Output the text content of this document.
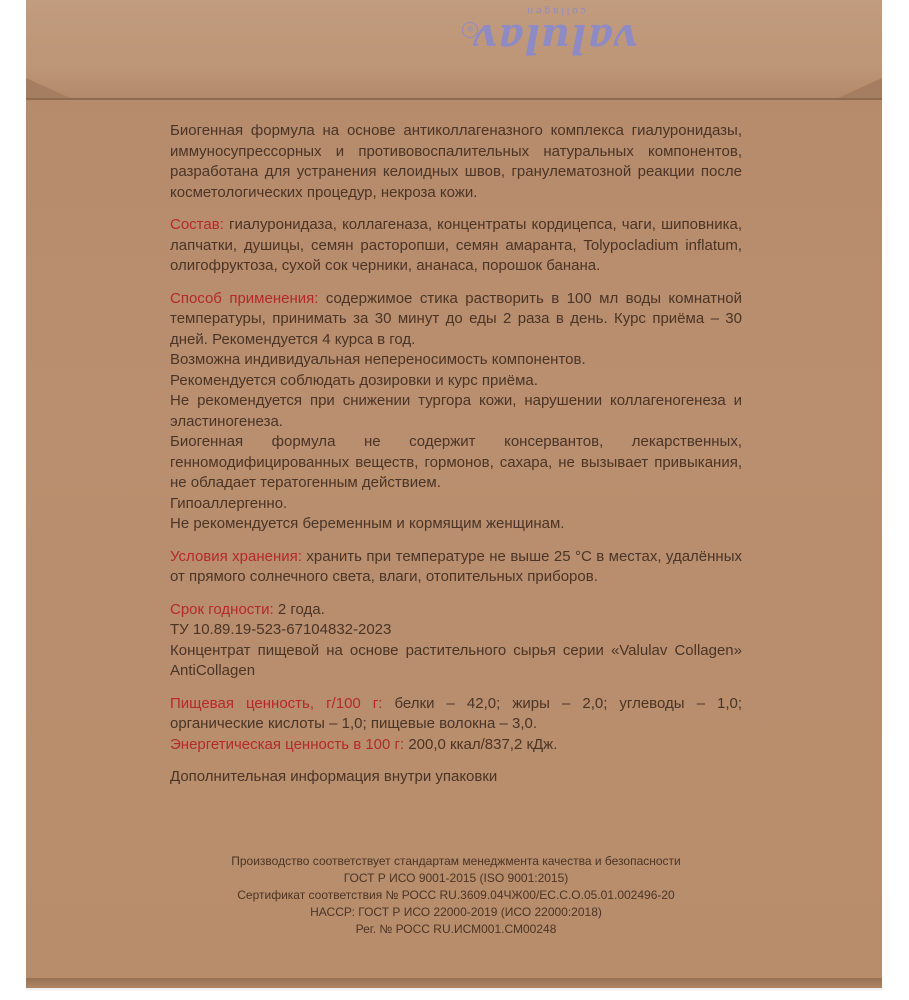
valulav
collagen
®

Биогенная формула на основе антиколлагеназного комплекса гиалуронидазы, иммуносупрессорных и противовоспалительных натуральных компонентов, разработана для устранения келоидных швов, гранулематозной реакции после косметологических процедур, некроза кожи.

Состав: гиалуронидаза, коллагеназа, концентраты кордицепса, чаги, шиповника, лапчатки, душицы, семян расторопши, семян амаранта, Tolypocladium inflatum, олигофруктоза, сухой сок черники, ананаса, порошок банана.

Способ применения: содержимое стика растворить в 100 мл воды комнатной температуры, принимать за 30 минут до еды 2 раза в день. Курс приёма – 30 дней. Рекомендуется 4 курса в год.

Возможна индивидуальная непереносимость компонентов.

Рекомендуется соблюдать дозировки и курс приёма.

Не рекомендуется при снижении тургора кожи, нарушении коллагеногенеза и эластиногенеза.

Биогенная формула не содержит консервантов, лекарственных, генномодифицированных веществ, гормонов, сахара, не вызывает привыкания, не обладает тератогенным действием.

Гипоаллергенно.

Не рекомендуется беременным и кормящим женщинам.

Условия хранения: хранить при температуре не выше 25 °С в местах, удалённых от прямого солнечного света, влаги, отопительных приборов.

Срок годности: 2 года.

ТУ 10.89.19-523-67104832-2023

Концентрат пищевой на основе растительного сырья серии «Valulav Collagen» AntiCollagen

Пищевая ценность, г/100 г: белки – 42,0; жиры – 2,0; углеводы – 1,0; органические кислоты – 1,0; пищевые волокна – 3,0.

Энергетическая ценность в 100 г: 200,0 ккал/837,2 кДж.

Дополнительная информация внутри упаковки

Производство соответствует стандартам менеджмента качества и безопасности

ГОСТ Р ИСО 9001-2015 (ISO 9001:2015)

Сертификат соответствия № РОСС RU.3609.04ЧЖ00/ЕС.С.О.05.01.002496-20

НАССР: ГОСТ Р ИСО 22000-2019 (ИСО 22000:2018)

Рег. № РОСС RU.ИСМ001.СМ00248
